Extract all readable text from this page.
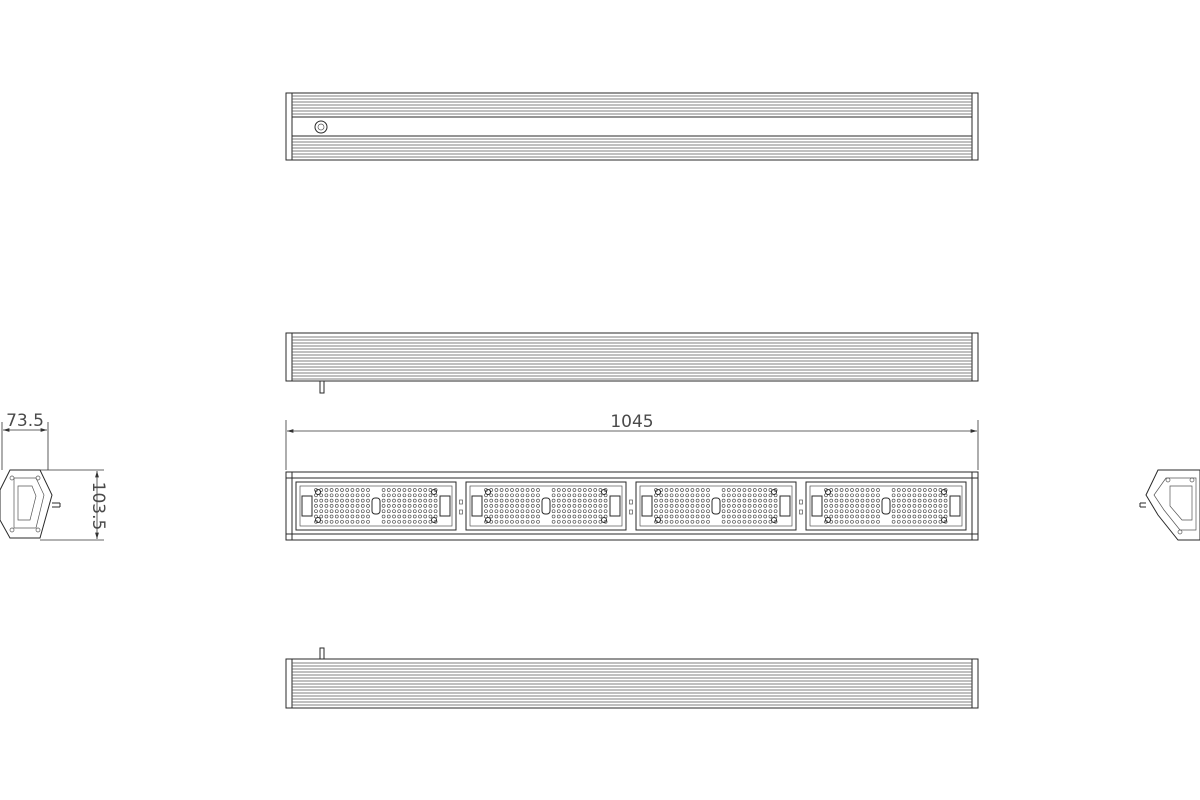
1045
73.5
103.5
